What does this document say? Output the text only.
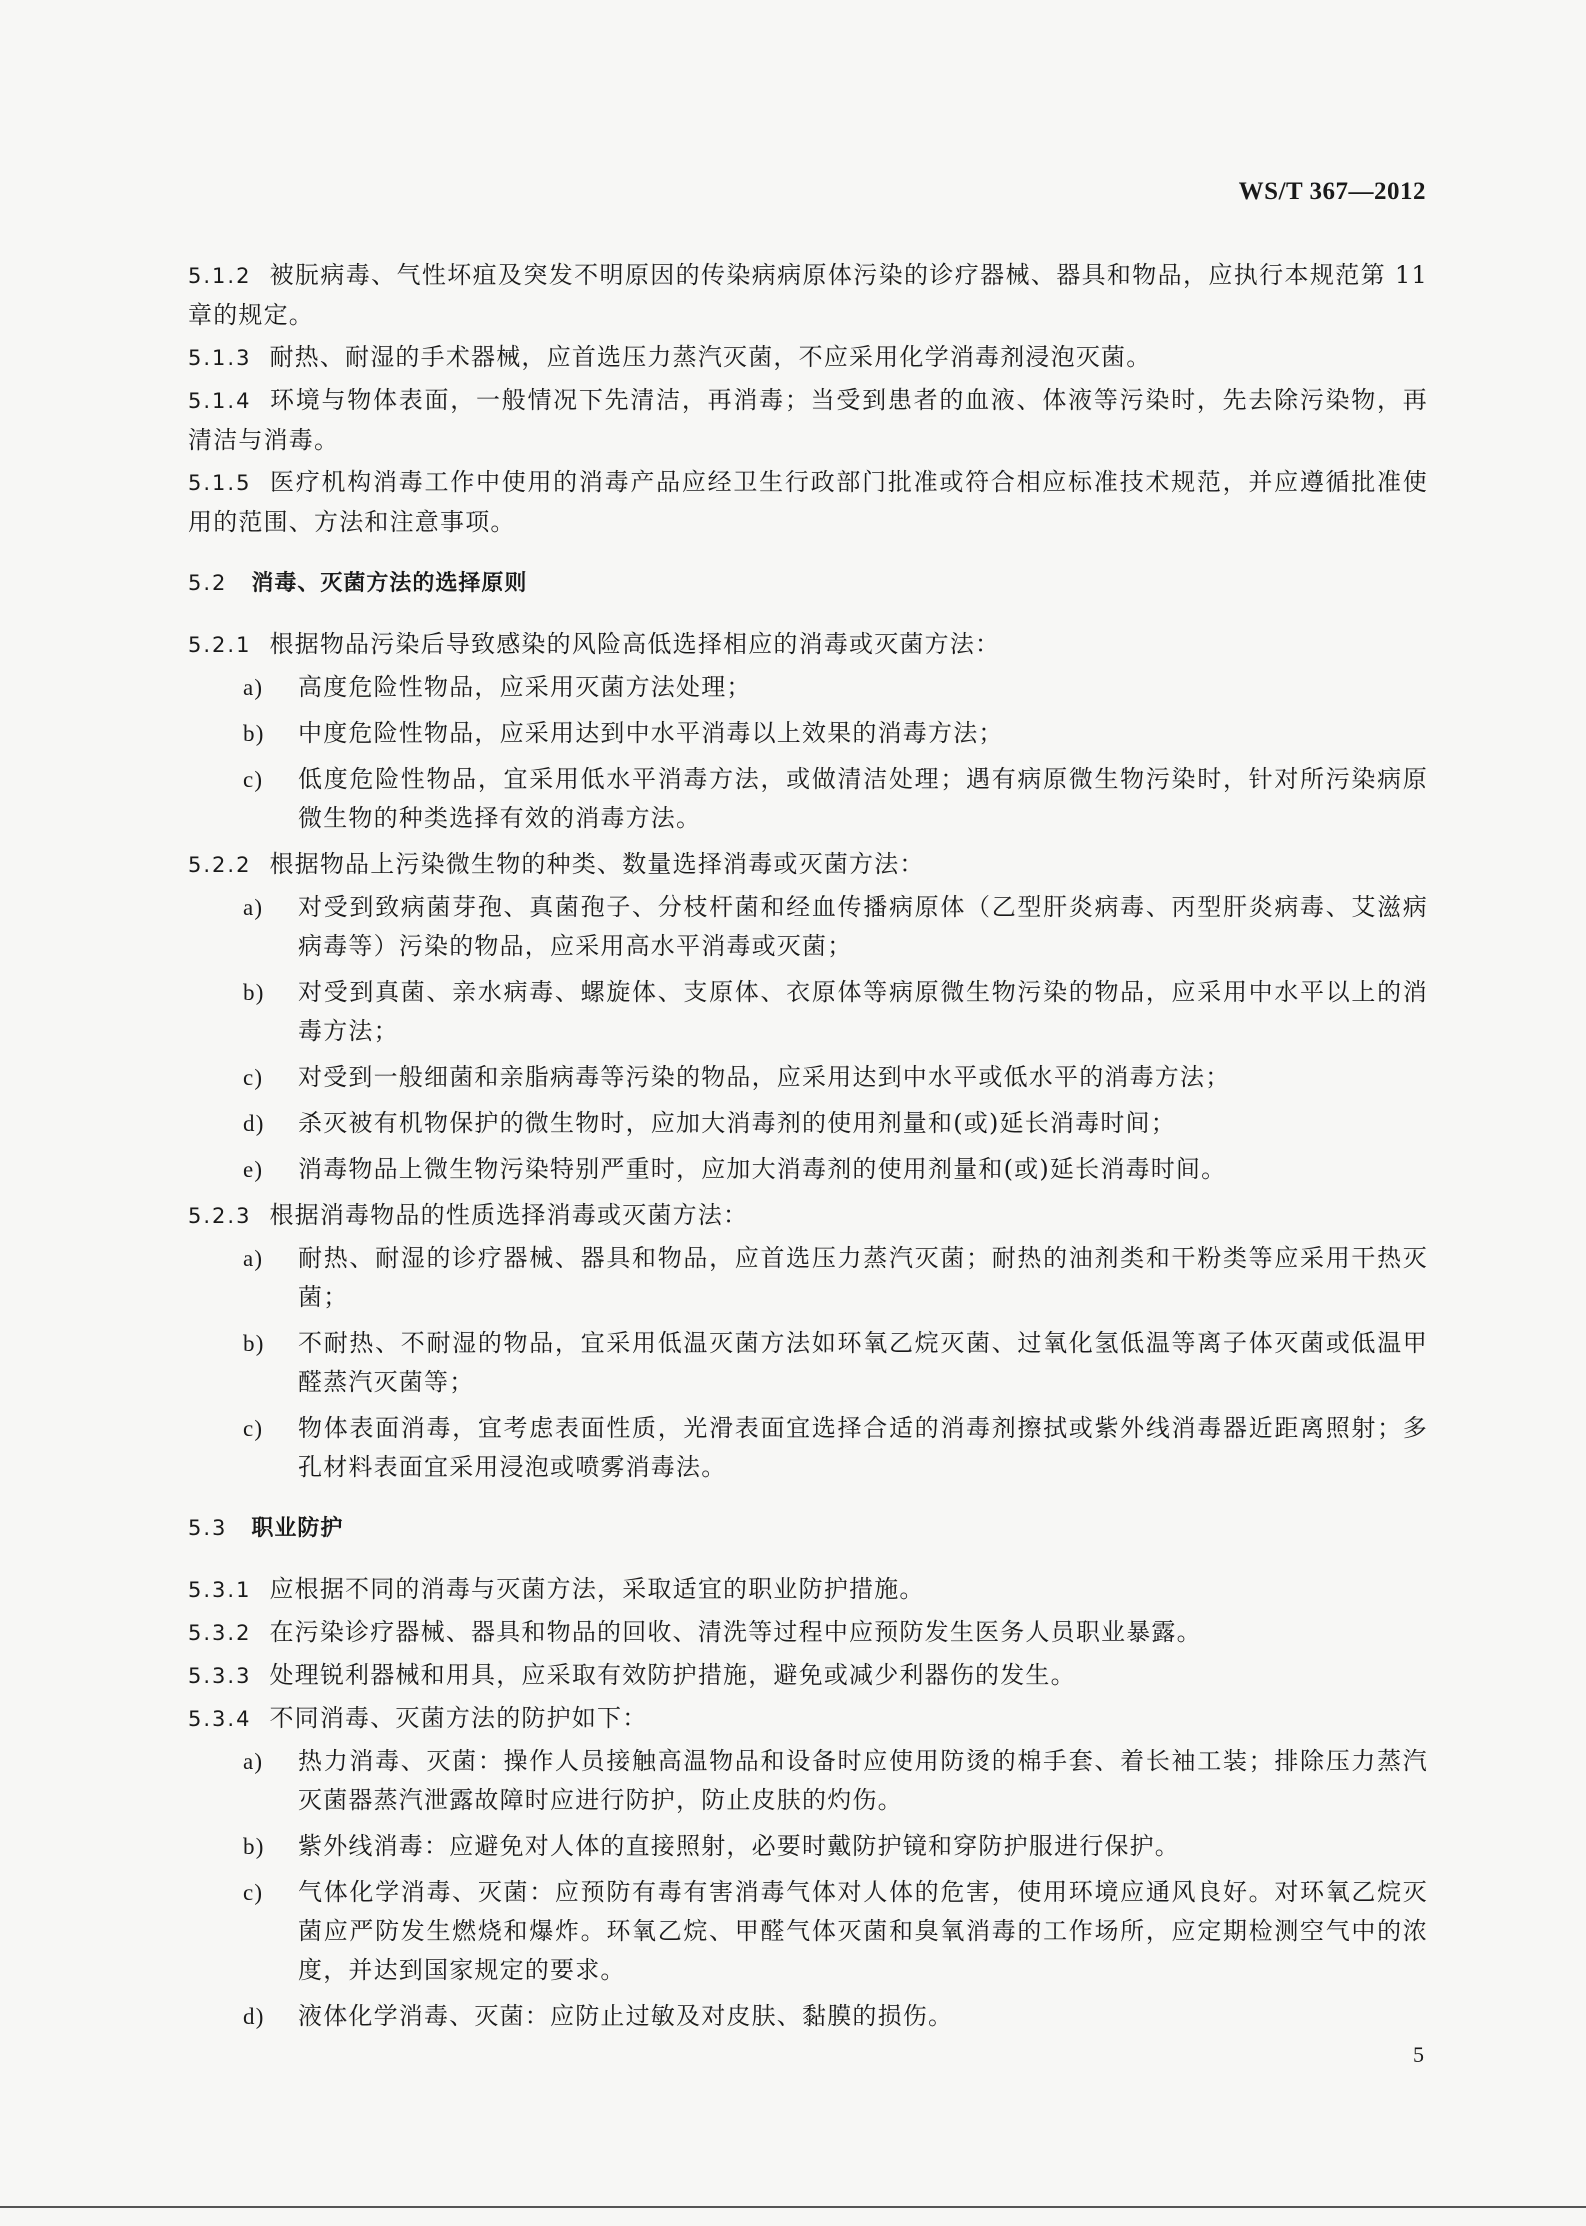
WS/T 367—2012

5.1.2 被朊病毒、气性坏疽及突发不明原因的传染病病原体污染的诊疗器械、器具和物品，应执行本规范第 11 章的规定。

5.1.3 耐热、耐湿的手术器械，应首选压力蒸汽灭菌，不应采用化学消毒剂浸泡灭菌。

5.1.4 环境与物体表面，一般情况下先清洁，再消毒；当受到患者的血液、体液等污染时，先去除污染物，再清洁与消毒。

5.1.5 医疗机构消毒工作中使用的消毒产品应经卫生行政部门批准或符合相应标准技术规范，并应遵循批准使用的范围、方法和注意事项。

5.2 消毒、灭菌方法的选择原则

5.2.1 根据物品污染后导致感染的风险高低选择相应的消毒或灭菌方法：

a) 高度危险性物品，应采用灭菌方法处理；
b) 中度危险性物品，应采用达到中水平消毒以上效果的消毒方法；
c) 低度危险性物品，宜采用低水平消毒方法，或做清洁处理；遇有病原微生物污染时，针对所污染病原微生物的种类选择有效的消毒方法。

5.2.2 根据物品上污染微生物的种类、数量选择消毒或灭菌方法：

a) 对受到致病菌芽孢、真菌孢子、分枝杆菌和经血传播病原体（乙型肝炎病毒、丙型肝炎病毒、艾滋病病毒等）污染的物品，应采用高水平消毒或灭菌；
b) 对受到真菌、亲水病毒、螺旋体、支原体、衣原体等病原微生物污染的物品，应采用中水平以上的消毒方法；
c) 对受到一般细菌和亲脂病毒等污染的物品，应采用达到中水平或低水平的消毒方法；
d) 杀灭被有机物保护的微生物时，应加大消毒剂的使用剂量和(或)延长消毒时间；
e) 消毒物品上微生物污染特别严重时，应加大消毒剂的使用剂量和(或)延长消毒时间。

5.2.3 根据消毒物品的性质选择消毒或灭菌方法：

a) 耐热、耐湿的诊疗器械、器具和物品，应首选压力蒸汽灭菌；耐热的油剂类和干粉类等应采用干热灭菌；
b) 不耐热、不耐湿的物品，宜采用低温灭菌方法如环氧乙烷灭菌、过氧化氢低温等离子体灭菌或低温甲醛蒸汽灭菌等；
c) 物体表面消毒，宜考虑表面性质，光滑表面宜选择合适的消毒剂擦拭或紫外线消毒器近距离照射；多孔材料表面宜采用浸泡或喷雾消毒法。
5.3 职业防护

5.3.1 应根据不同的消毒与灭菌方法，采取适宜的职业防护措施。

5.3.2 在污染诊疗器械、器具和物品的回收、清洗等过程中应预防发生医务人员职业暴露。

5.3.3 处理锐利器械和用具，应采取有效防护措施，避免或减少利器伤的发生。

5.3.4 不同消毒、灭菌方法的防护如下：

a) 热力消毒、灭菌：操作人员接触高温物品和设备时应使用防烫的棉手套、着长袖工装；排除压力蒸汽灭菌器蒸汽泄露故障时应进行防护，防止皮肤的灼伤。
b) 紫外线消毒：应避免对人体的直接照射，必要时戴防护镜和穿防护服进行保护。
c) 气体化学消毒、灭菌：应预防有毒有害消毒气体对人体的危害，使用环境应通风良好。对环氧乙烷灭菌应严防发生燃烧和爆炸。环氧乙烷、甲醛气体灭菌和臭氧消毒的工作场所，应定期检测空气中的浓度，并达到国家规定的要求。
d) 液体化学消毒、灭菌：应防止过敏及对皮肤、黏膜的损伤。
5
